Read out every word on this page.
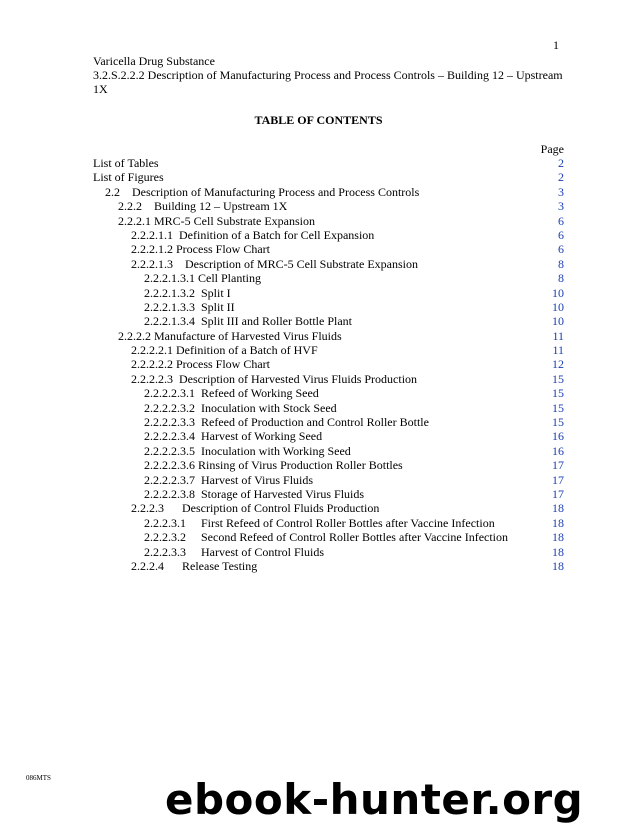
1
Varicella Drug Substance
3.2.S.2.2.2 Description of Manufacturing Process and Process Controls – Building 12 – Upstream 1X
TABLE OF CONTENTS
Page
List of Tables	2
List of Figures	2
2.2    Description of Manufacturing Process and Process Controls	3
2.2.2    Building 12 – Upstream 1X	3
2.2.2.1 MRC-5 Cell Substrate Expansion	6
2.2.2.1.1  Definition of a Batch for Cell Expansion	6
2.2.2.1.2 Process Flow Chart	6
2.2.2.1.3    Description of MRC-5 Cell Substrate Expansion	8
2.2.2.1.3.1 Cell Planting	8
2.2.2.1.3.2  Split I	10
2.2.2.1.3.3  Split II	10
2.2.2.1.3.4  Split III and Roller Bottle Plant	10
2.2.2.2 Manufacture of Harvested Virus Fluids	11
2.2.2.2.1 Definition of a Batch of HVF	11
2.2.2.2.2 Process Flow Chart	12
2.2.2.2.3  Description of Harvested Virus Fluids Production	15
2.2.2.2.3.1  Refeed of Working Seed	15
2.2.2.2.3.2  Inoculation with Stock Seed	15
2.2.2.2.3.3  Refeed of Production and Control Roller Bottle	15
2.2.2.2.3.4  Harvest of Working Seed	16
2.2.2.2.3.5  Inoculation with Working Seed	16
2.2.2.2.3.6 Rinsing of Virus Production Roller Bottles	17
2.2.2.2.3.7  Harvest of Virus Fluids	17
2.2.2.2.3.8  Storage of Harvested Virus Fluids	17
2.2.2.3      Description of Control Fluids Production	18
2.2.2.3.1     First Refeed of Control Roller Bottles after Vaccine Infection	18
2.2.2.3.2     Second Refeed of Control Roller Bottles after Vaccine Infection	18
2.2.2.3.3     Harvest of Control Fluids	18
2.2.2.4      Release Testing	18
086MTS	ebook-hunter.org
